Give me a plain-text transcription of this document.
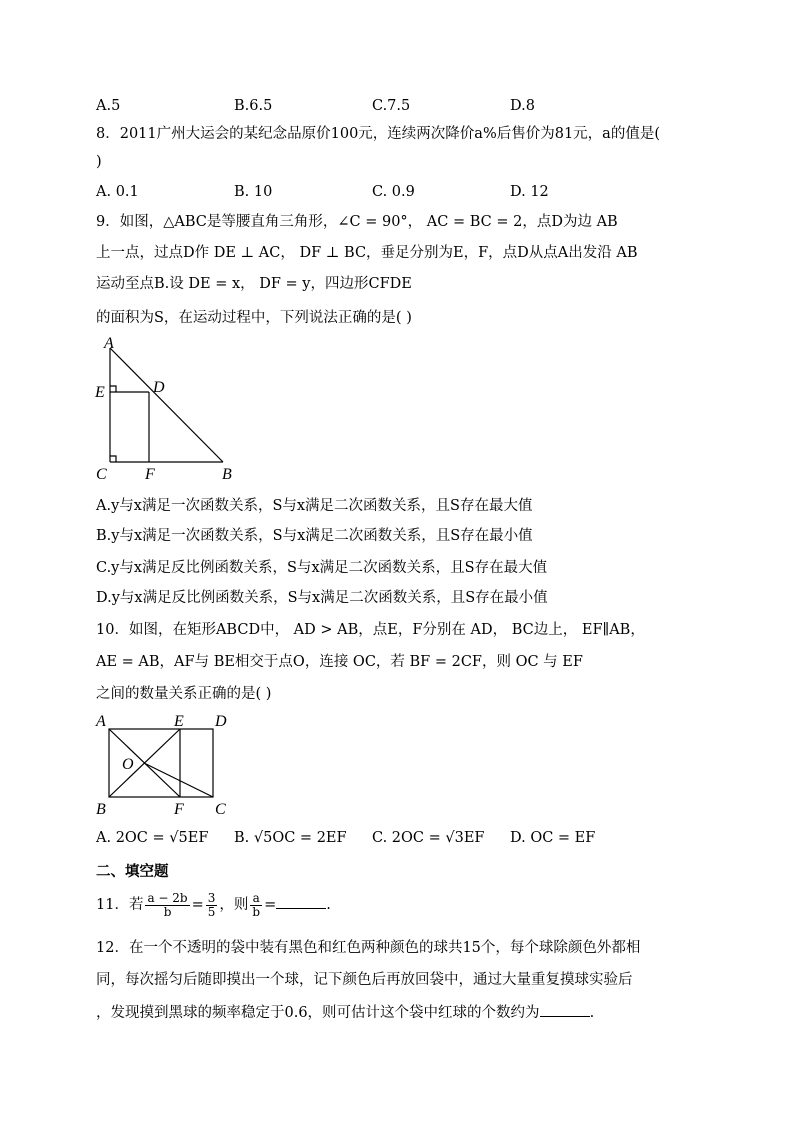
A.5	B.6.5	C.7.5	D.8
8．2011广州大运会的某纪念品原价100元，连续两次降价a%后售价为81元，a的值是(
)
A. 0.1	B. 10	C. 0.9	D. 12
9．如图，△ABC是等腰直角三角形，∠C = 90°， AC = BC = 2，点D为边 AB
上一点，过点D作 DE ⊥ AC， DF ⊥ BC，垂足分别为E，F，点D从点A出发沿 AB
运动至点B.设 DE = x， DF = y，四边形CFDE
的面积为S，在运动过程中，下列说法正确的是( )
A
E	D
C F	B
A.y与x满足一次函数关系，S与x满足二次函数关系，且S存在最大值
B.y与x满足一次函数关系，S与x满足二次函数关系，且S存在最小值
C.y与x满足反比例函数关系，S与x满足二次函数关系，且S存在最大值
D.y与x满足反比例函数关系，S与x满足二次函数关系，且S存在最小值
10．如图，在矩形ABCD中， AD > AB，点E，F分别在 AD， BC边上， EF∥AB，
AE = AB，AF与 BE相交于点O，连接 OC，若 BF = 2CF，则 OC 与 EF
之间的数量关系正确的是( )
A	E D
O
B	F C
A. 2OC = √5EF B. √5OC = 2EF C. 2OC = √3EF D. OC = EF
二、填空题
11．若 $\frac{a - 2b}{b} = \frac{3}{5}$ ，则 $\frac{a}{b}$ =	.
12．在一个不透明的袋中装有黑色和红色两种颜色的球共15个，每个球除颜色外都相
同，每次摇匀后随即摸出一个球，记下颜色后再放回袋中，通过大量重复摸球实验后
，发现摸到黑球的频率稳定于0.6，则可估计这个袋中红球的个数约为	.
